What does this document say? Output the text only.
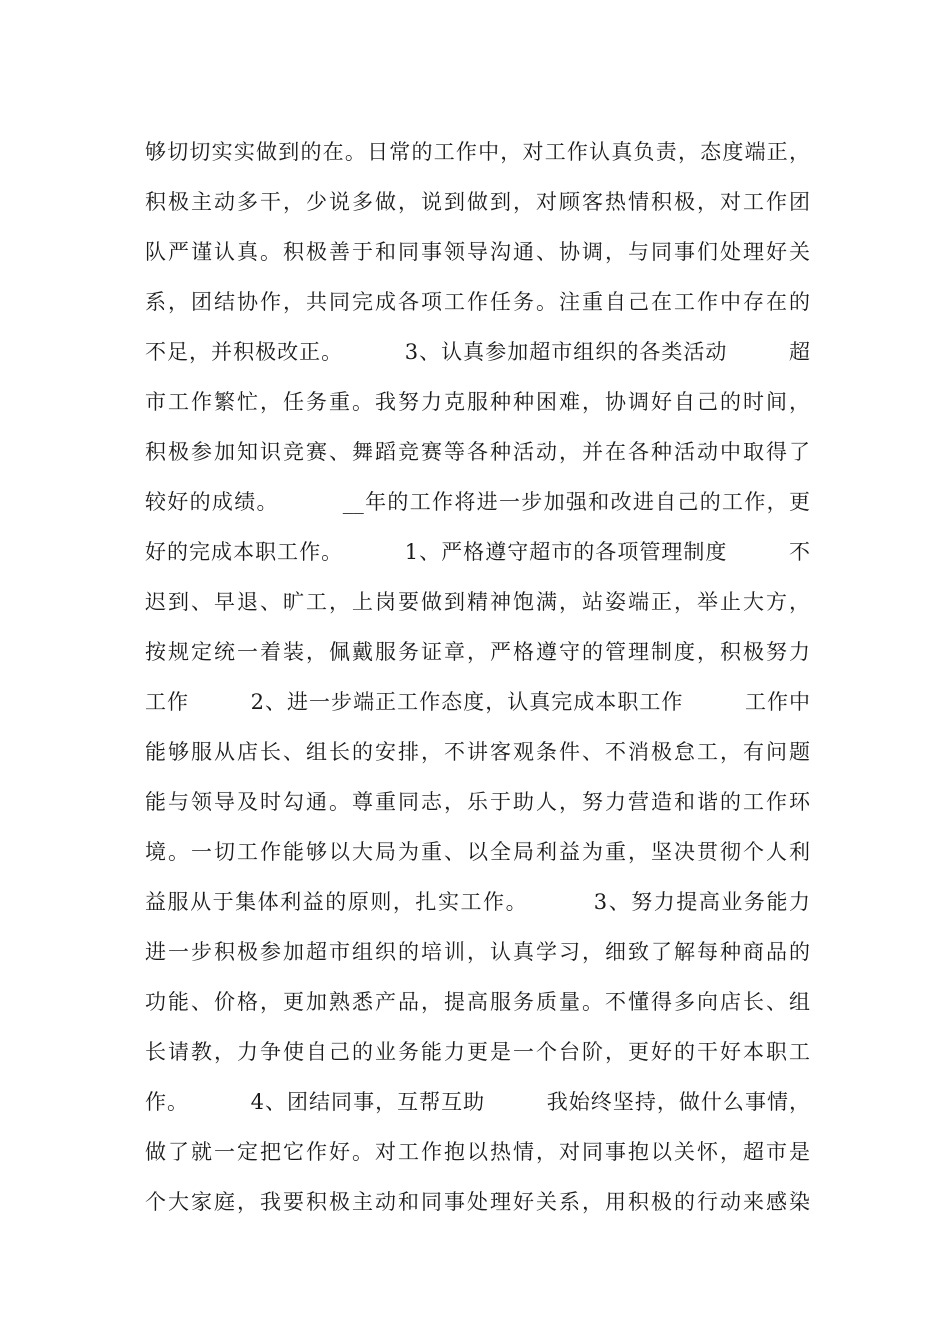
够切切实实做到的在。日常的工作中，对工作认真负责，态度端正，
积极主动多干，少说多做，说到做到，对顾客热情积极，对工作团
队严谨认真。积极善于和同事领导沟通、协调，与同事们处理好关
系，团结协作，共同完成各项工作任务。注重自己在工作中存在的
不足，并积极改正。        3、认真参加超市组织的各类活动        超
市工作繁忙，任务重。我努力克服种种困难，协调好自己的时间，
积极参加知识竞赛、舞蹈竞赛等各种活动，并在各种活动中取得了
较好的成绩。        __年的工作将进一步加强和改进自己的工作，更
好的完成本职工作。        1、严格遵守超市的各项管理制度        不
迟到、早退、旷工，上岗要做到精神饱满，站姿端正，举止大方，
按规定统一着装，佩戴服务证章，严格遵守的管理制度，积极努力
工作        2、进一步端正工作态度，认真完成本职工作        工作中
能够服从店长、组长的安排，不讲客观条件、不消极怠工，有问题
能与领导及时勾通。尊重同志，乐于助人，努力营造和谐的工作环
境。一切工作能够以大局为重、以全局利益为重，坚决贯彻个人利
益服从于集体利益的原则，扎实工作。        3、努力提高业务能力
进一步积极参加超市组织的培训，认真学习，细致了解每种商品的
功能、价格，更加熟悉产品，提高服务质量。不懂得多向店长、组
长请教，力争使自己的业务能力更是一个台阶，更好的干好本职工
作。        4、团结同事，互帮互助        我始终坚持，做什么事情，
做了就一定把它作好。对工作抱以热情，对同事抱以关怀，超市是
个大家庭，我要积极主动和同事处理好关系，用积极的行动来感染
